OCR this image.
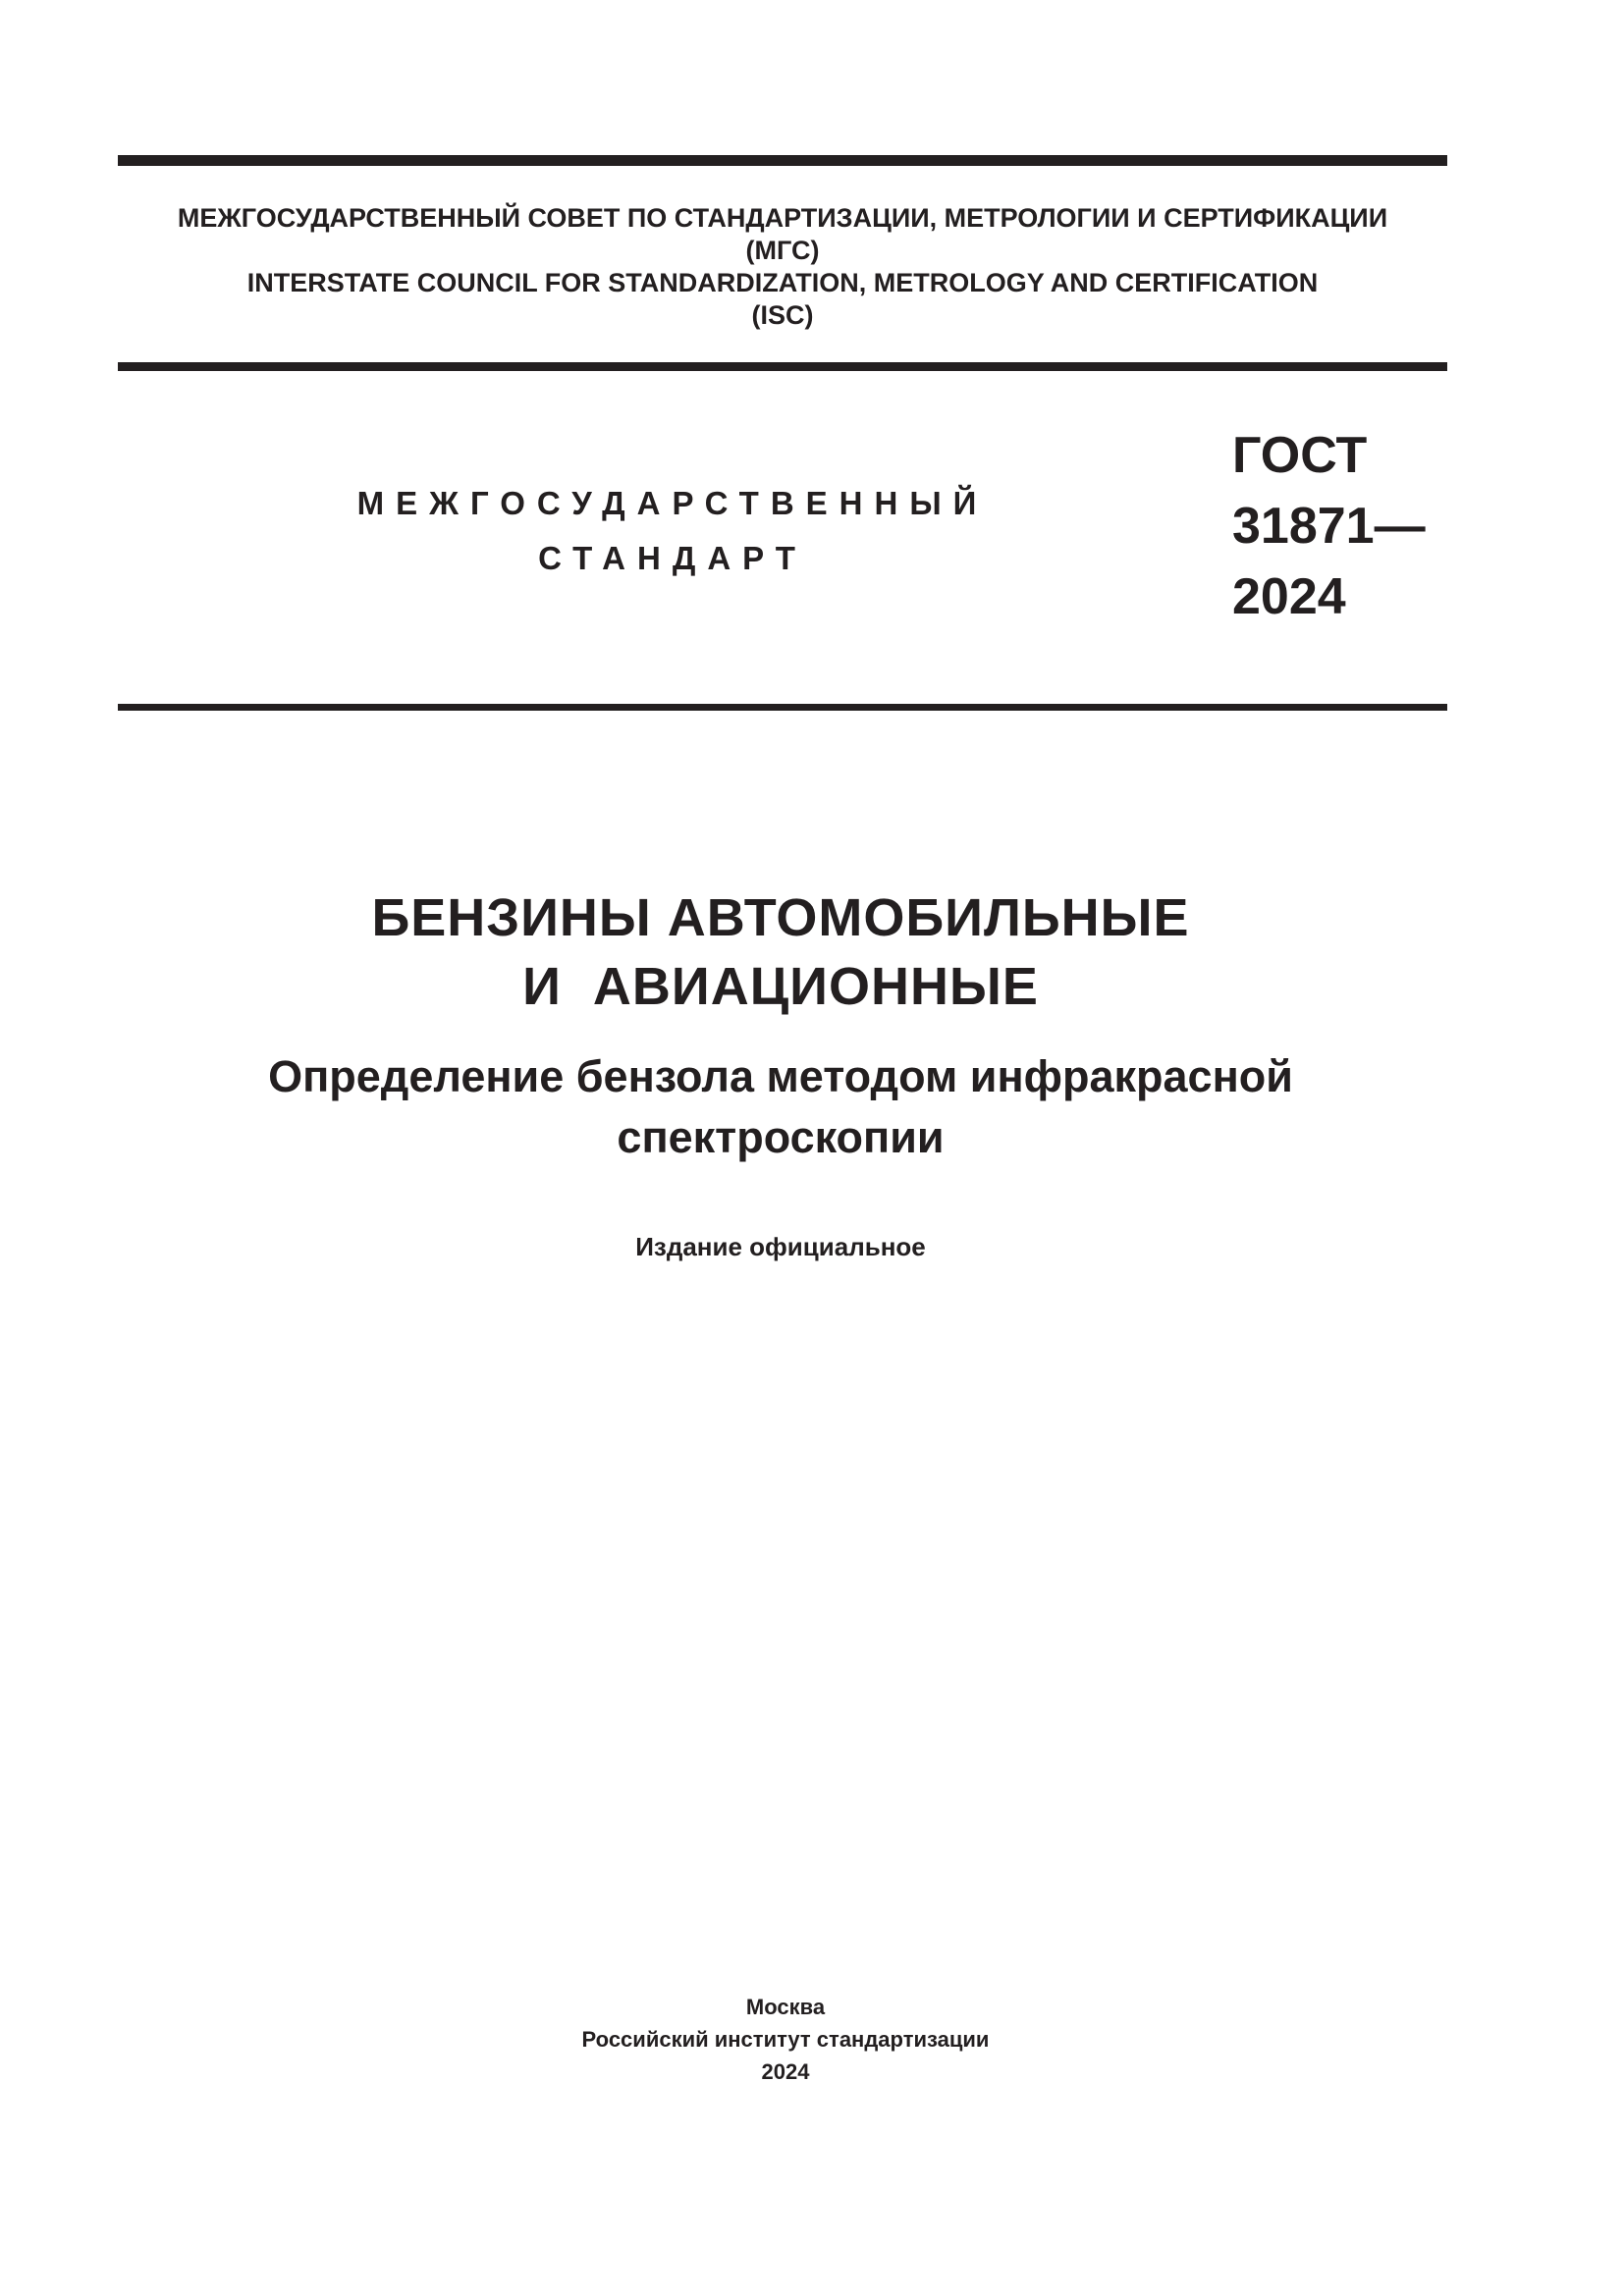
МЕЖГОСУДАРСТВЕННЫЙ СОВЕТ ПО СТАНДАРТИЗАЦИИ, МЕТРОЛОГИИ И СЕРТИФИКАЦИИ
(МГС)
INTERSTATE COUNCIL FOR STANDARDIZATION, METROLOGY AND CERTIFICATION
(ISC)
МЕЖГОСУДАРСТВЕННЫЙ
СТАНДАРТ
ГОСТ
31871—
2024
БЕНЗИНЫ АВТОМОБИЛЬНЫЕ
И  АВИАЦИОННЫЕ
Определение бензола методом инфракрасной
спектроскопии
Издание официальное
Москва
Российский институт стандартизации
2024
